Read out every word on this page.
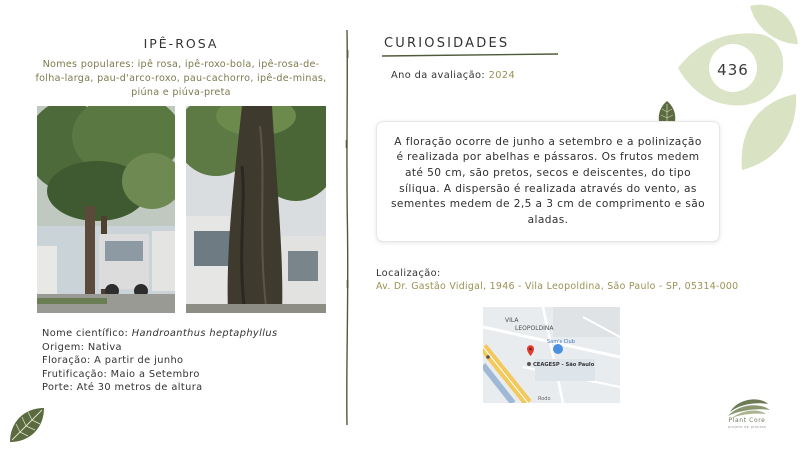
436
IPÊ-ROSA
Nomes populares: ipê rosa, ipê-roxo-bola, ipê-rosa-de-folha-larga, pau-d'arco-roxo, pau-cachorro, ipê-de-minas, piúna e piúva-preta
Nome científico: Handroanthus heptaphyllus
Origem: Nativa
Floração: A partir de junho
Frutificação: Maio a Setembro
Porte: Até 30 metros de altura
CURIOSIDADES
Ano da avaliação: 2024

A floração ocorre de junho a setembro e a polinização é realizada por abelhas e pássaros. Os frutos medem até 50 cm, são pretos, secos e deiscentes, do tipo síliqua. A dispersão é realizada através do vento, as sementes medem de 2,5 a 3 cm de comprimento e são aladas.

Localização:
Av. Dr. Gastão Vidigal, 1946 - Vila Leopoldina, São Paulo - SP, 05314-000
VILA
LEOPOLDINA
Sam's Club
CEAGESP - São Paulo
Rodo
Plant Core
projeto de plantas
